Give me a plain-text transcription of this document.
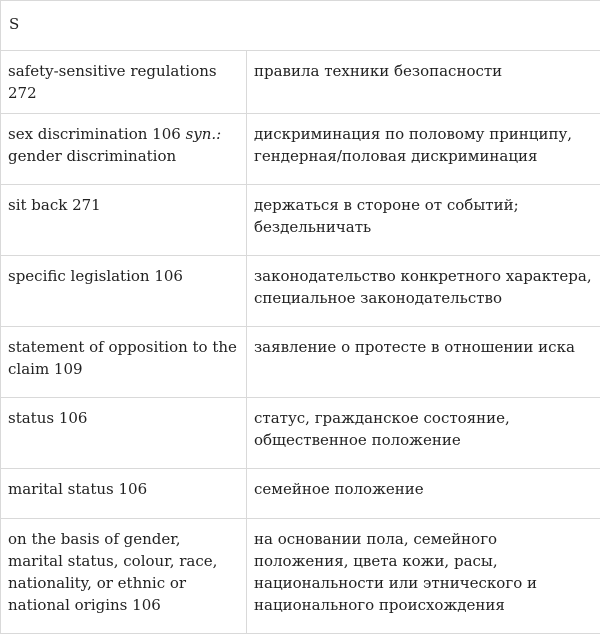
S	
safety-sensitive regulations 272	правила техники безопасности
sex discrimination 106 syn.: gender discrimination	дискриминация по половому принципу, гендерная/половая дискриминация
sit back 271	держаться в стороне от событий; бездельничать
specific legislation 106	законодательство конкретного характера, специальное законодательство
statement of opposition to the claim 109	заявление о протесте в отношении иска
status 106	статус, гражданское состояние, общественное положение
marital status 106	семейное положение
on the basis of gender, marital status, colour, race, nationality, or ethnic or national origins 106	на основании пола, семейного положения, цвета кожи, расы, национальности или этнического и национального происхождения
